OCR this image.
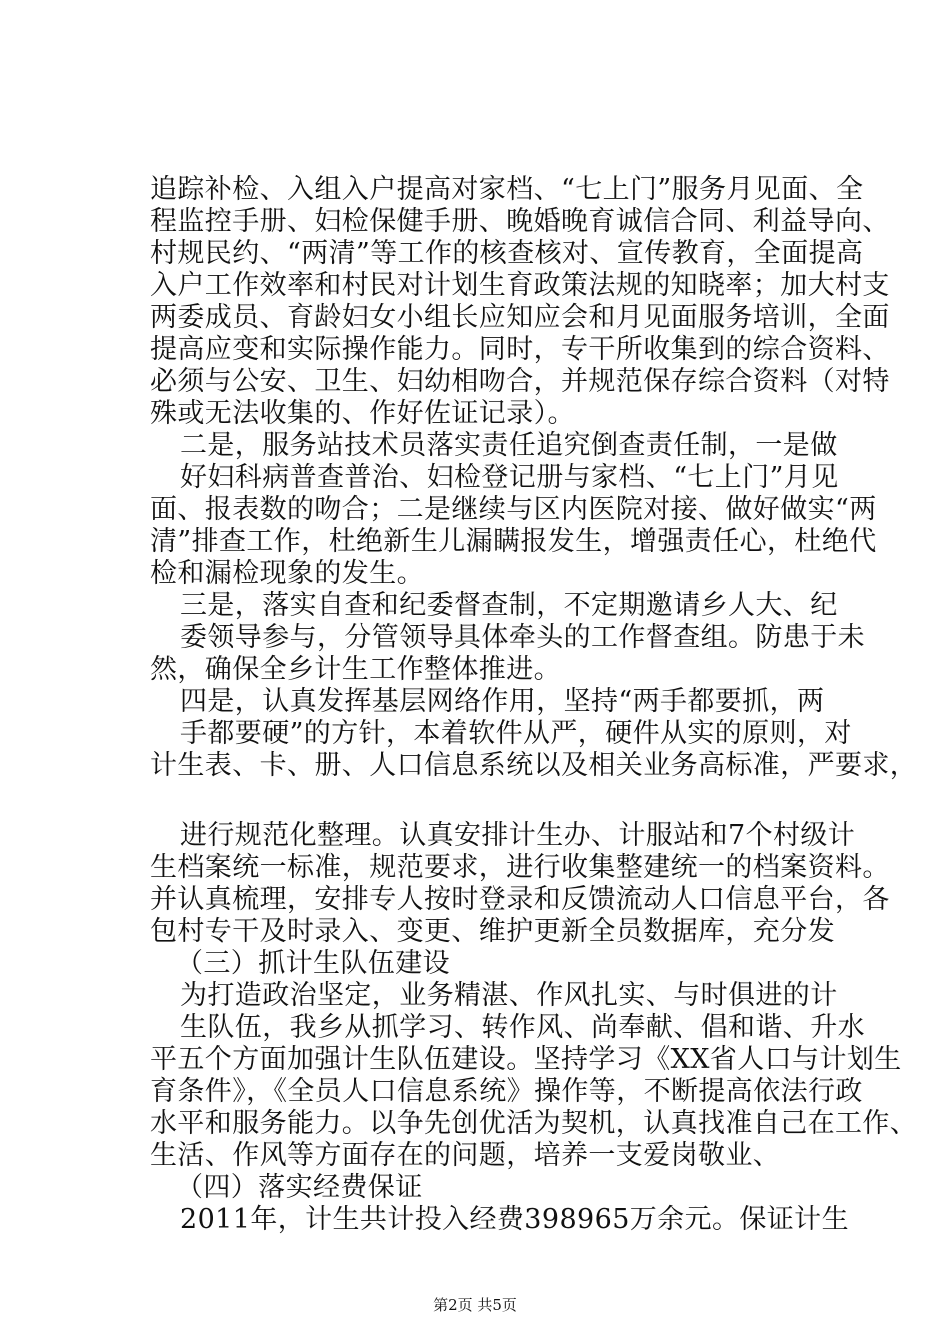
追踪补检、入组入户提高对家档、“七上门”服务月见面、全
程监控手册、妇检保健手册、晚婚晚育诚信合同、利益导向、
村规民约、“两清”等工作的核查核对、宣传教育，全面提高
入户工作效率和村民对计划生育政策法规的知晓率；加大村支
两委成员、育龄妇女小组长应知应会和月见面服务培训，全面
提高应变和实际操作能力。同时，专干所收集到的综合资料、
必须与公安、卫生、妇幼相吻合，并规范保存综合资料（对特
殊或无法收集的、作好佐证记录）。
二是，服务站技术员落实责任追究倒查责任制，一是做
好妇科病普查普治、妇检登记册与家档、“七上门”月见
面、报表数的吻合；二是继续与区内医院对接、做好做实“两
清”排查工作，杜绝新生儿漏瞒报发生，增强责任心，杜绝代
检和漏检现象的发生。
三是，落实自查和纪委督查制，不定期邀请乡人大、纪
委领导参与，分管领导具体牵头的工作督查组。防患于未
然，确保全乡计生工作整体推进。
四是，认真发挥基层网络作用，坚持“两手都要抓，两
手都要硬”的方针，本着软件从严，硬件从实的原则，对
计生表、卡、册、人口信息系统以及相关业务高标准，严要求，
进行规范化整理。认真安排计生办、计服站和7个村级计
生档案统一标准，规范要求，进行收集整建统一的档案资料。
并认真梳理，安排专人按时登录和反馈流动人口信息平台，各
包村专干及时录入、变更、维护更新全员数据库，充分发
（三）抓计生队伍建设
为打造政治坚定，业务精湛、作风扎实、与时俱进的计
生队伍，我乡从抓学习、转作风、尚奉献、倡和谐、升水
平五个方面加强计生队伍建设。坚持学习《XX省人口与计划生
育条件》，《全员人口信息系统》操作等，不断提高依法行政
水平和服务能力。以争先创优活为契机，认真找准自己在工作、
生活、作风等方面存在的问题，培养一支爱岗敬业、
（四）落实经费保证
2011年，计生共计投入经费398965万余元。保证计生
第2页 共5页
